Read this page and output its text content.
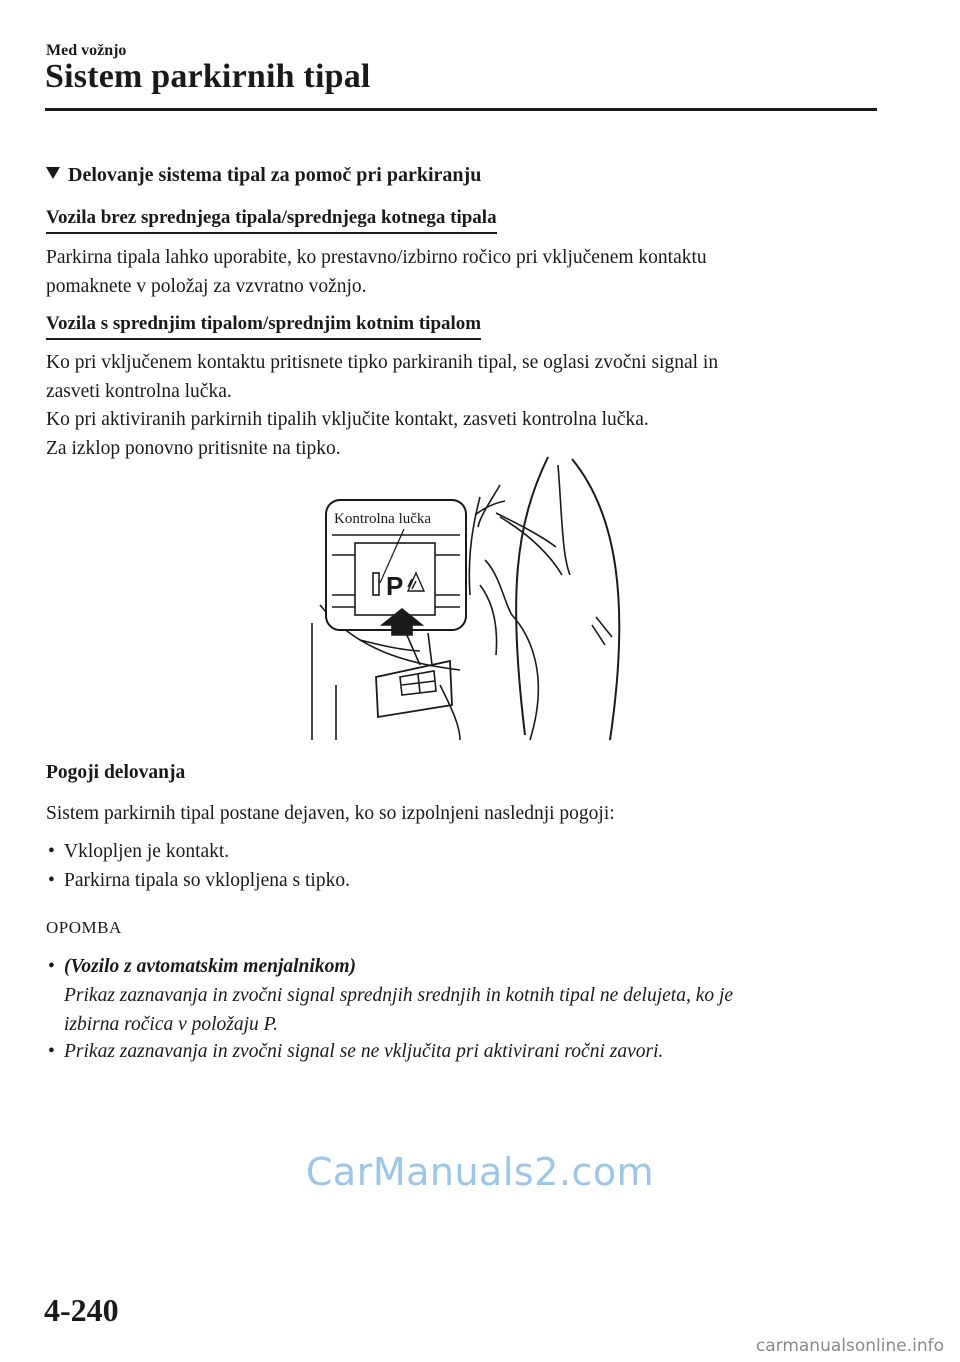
Med vožnjo
Sistem parkirnih tipal
Delovanje sistema tipal za pomoč pri parkiranju
Vozila brez sprednjega tipala/sprednjega kotnega tipala
Parkirna tipala lahko uporabite, ko prestavno/izbirno ročico pri vključenem kontaktu
pomaknete v položaj za vzvratno vožnjo.
Vozila s sprednjim tipalom/sprednjim kotnim tipalom
Ko pri vključenem kontaktu pritisnete tipko parkiranih tipal, se oglasi zvočni signal in
zasveti kontrolna lučka.
Ko pri aktiviranih parkirnih tipalih vključite kontakt, zasveti kontrolna lučka.
Za izklop ponovno pritisnite na tipko.
P
Kontrolna lučka
Pogoji delovanja
Sistem parkirnih tipal postane dejaven, ko so izpolnjeni naslednji pogoji:
• Vklopljen je kontakt.
• Parkirna tipala so vklopljena s tipko.
OPOMBA
• (Vozilo z avtomatskim menjalnikom)
Prikaz zaznavanja in zvočni signal sprednjih srednjih in kotnih tipal ne delujeta, ko je
izbirna ročica v položaju P.
• Prikaz zaznavanja in zvočni signal se ne vključita pri aktivirani ročni zavori.
CarManuals2.com
4-240
carmanualsonline.info
